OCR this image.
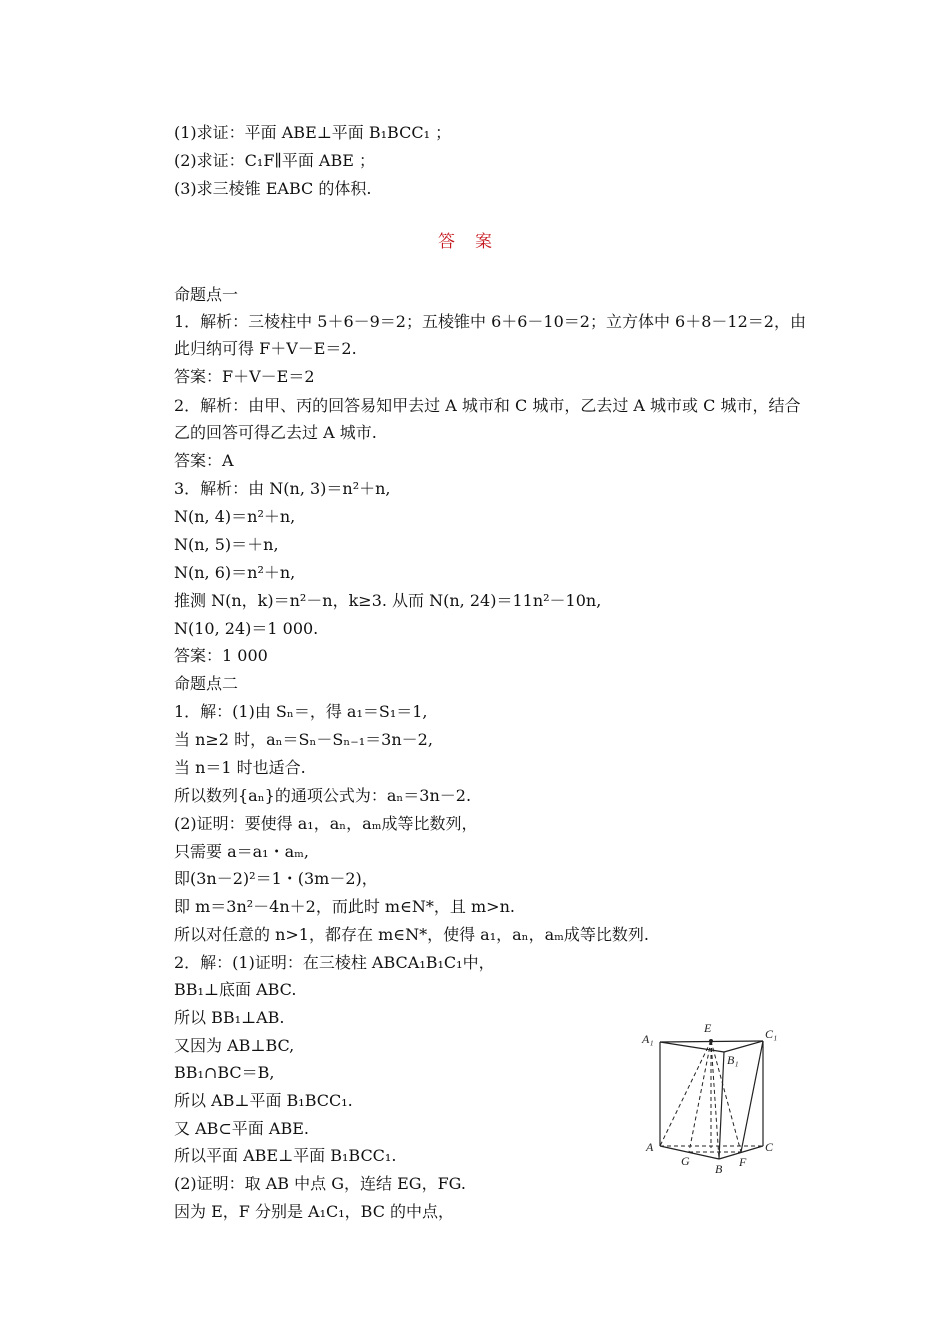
(1)求证：平面 ABE⊥平面 B₁BCC₁ ；
(2)求证：C₁F∥平面 ABE ；
(3)求三棱锥 EABC 的体积.
答案
命题点一
1．解析：三棱柱中 5＋6－9＝2；五棱锥中 6＋6－10＝2；立方体中 6＋8－12＝2，由
此归纳可得 F＋V－E＝2.
答案：F＋V－E＝2
2．解析：由甲、丙的回答易知甲去过 A 城市和 C 城市，乙去过 A 城市或 C 城市，结合
乙的回答可得乙去过 A 城市.
答案：A
3．解析：由 N(n, 3)＝n²＋n,
N(n, 4)＝n²＋n,
N(n, 5)＝＋n,
N(n, 6)＝n²＋n,
推测 N(n，k)＝n²－n，k≥3. 从而 N(n, 24)＝11n²－10n,
N(10, 24)＝1 000.
答案：1 000
命题点二
1．解：(1)由 Sₙ＝，得 a₁＝S₁＝1,
当 n≥2 时，aₙ＝Sₙ－Sₙ₋₁＝3n－2,
当 n＝1 时也适合.
所以数列{aₙ}的通项公式为：aₙ＝3n－2.
(2)证明：要使得 a₁，aₙ，aₘ成等比数列，
只需要 a＝a₁・aₘ,
即(3n－2)²＝1・(3m－2)，
即 m＝3n²－4n＋2，而此时 m∈N*，且 m>n.
所以对任意的 n>1，都存在 m∈N*，使得 a₁，aₙ，aₘ成等比数列.
2．解：(1)证明：在三棱柱 ABCA₁B₁C₁中，
BB₁⊥底面 ABC.
所以 BB₁⊥AB.
又因为 AB⊥BC,
BB₁∩BC＝B,
所以 AB⊥平面 B₁BCC₁.
又 AB⊂平面 ABE.
所以平面 ABE⊥平面 B₁BCC₁.
(2)证明：取 AB 中点 G，连结 EG，FG.
因为 E，F 分别是 A₁C₁，BC 的中点，
A₁
E	C₁
B₁
A
G
B F
C
